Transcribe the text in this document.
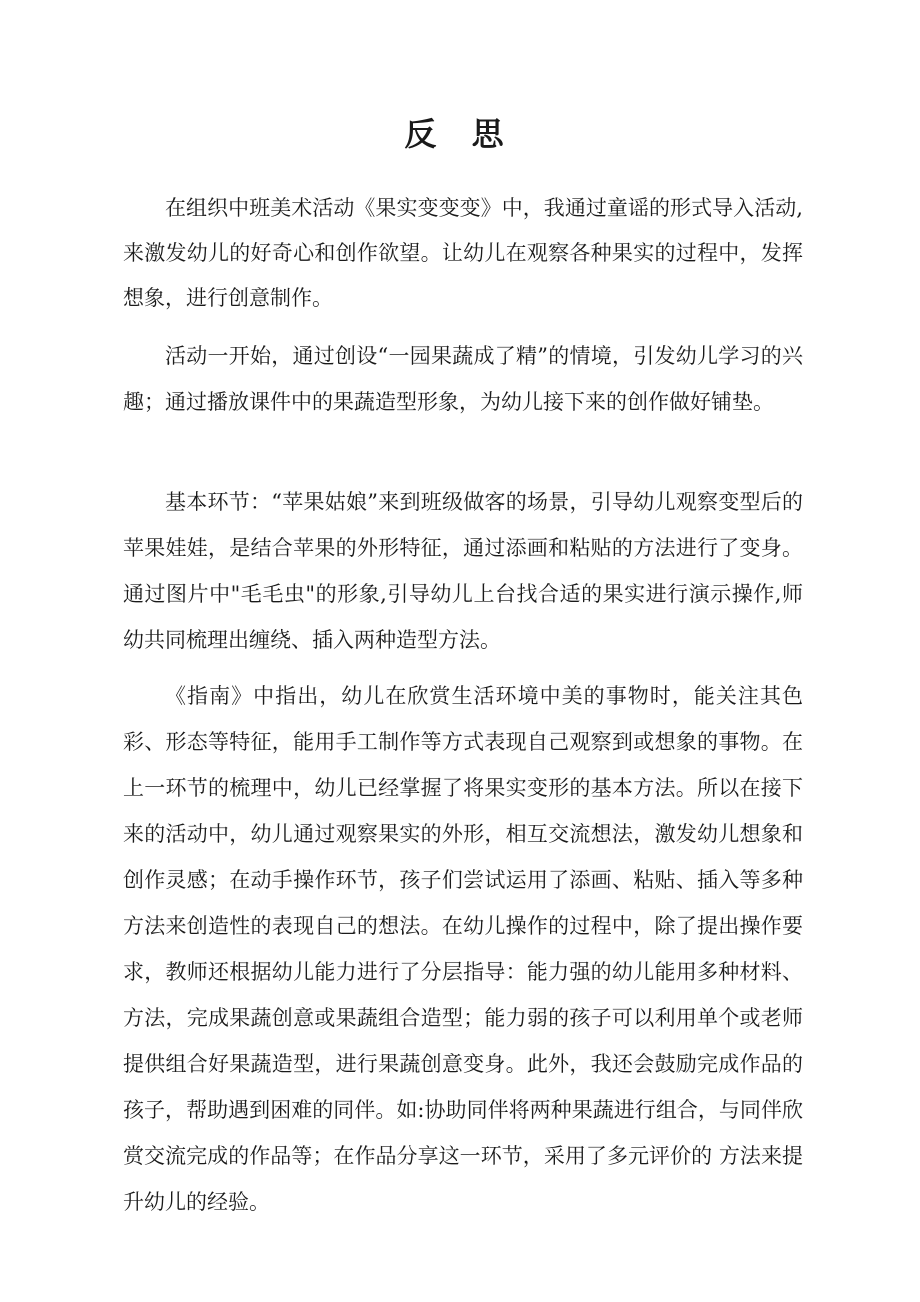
反 思

在组织中班美术活动《果实变变变》中，我通过童谣的形式导入活动,来激发幼儿的好奇心和创作欲望。让幼儿在观察各种果实的过程中，发挥想象，进行创意制作。

活动一开始，通过创设“一园果蔬成了精”的情境，引发幼儿学习的兴趣；通过播放课件中的果蔬造型形象，为幼儿接下来的创作做好铺垫。

基本环节：“苹果姑娘”来到班级做客的场景，引导幼儿观察变型后的苹果娃娃，是结合苹果的外形特征，通过添画和粘贴的方法进行了变身。通过图片中"毛毛虫"的形象,引导幼儿上台找合适的果实进行演示操作,师幼共同梳理出缠绕、插入两种造型方法。

《指南》中指出，幼儿在欣赏生活环境中美的事物时，能关注其色彩、形态等特征，能用手工制作等方式表现自己观察到或想象的事物。在上一环节的梳理中，幼儿已经掌握了将果实变形的基本方法。所以在接下来的活动中，幼儿通过观察果实的外形，相互交流想法，激发幼儿想象和创作灵感；在动手操作环节，孩子们尝试运用了添画、粘贴、插入等多种方法来创造性的表现自己的想法。在幼儿操作的过程中，除了提出操作要求，教师还根据幼儿能力进行了分层指导：能力强的幼儿能用多种材料、方法，完成果蔬创意或果蔬组合造型；能力弱的孩子可以利用单个或老师提供组合好果蔬造型，进行果蔬创意变身。此外，我还会鼓励完成作品的孩子，帮助遇到困难的同伴。如:协助同伴将两种果蔬进行组合，与同伴欣赏交流完成的作品等；在作品分享这一环节，采用了多元评价的 方法来提升幼儿的经验。
